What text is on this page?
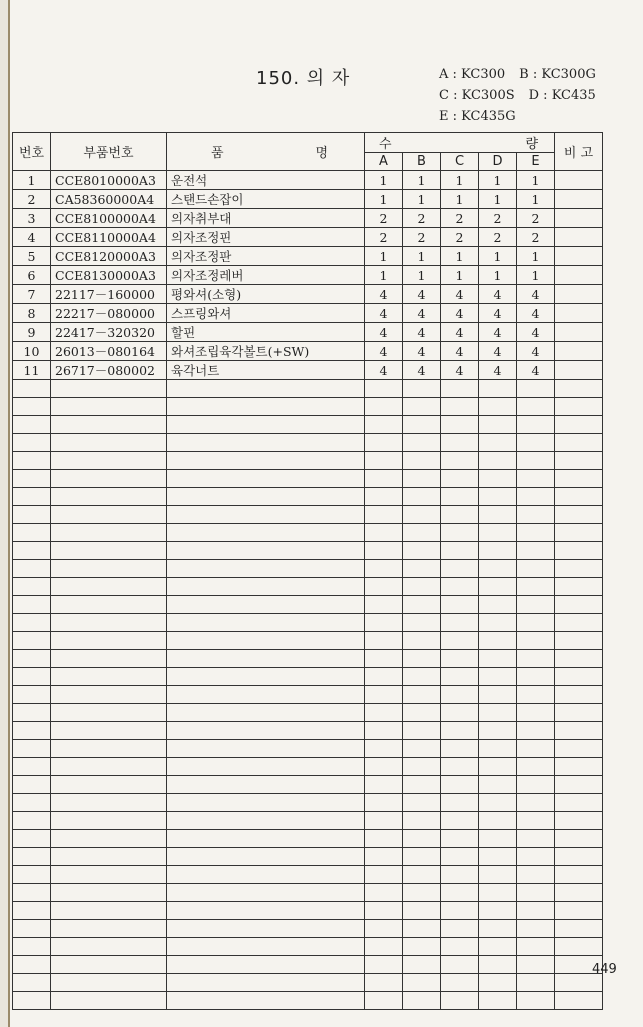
150. 의 자	A : KC300 B : KC300G
C : KC300S D : KC435
E : KC435G
번호	부품번호	품 명	수 량					비 고
			A	B	C	D	E	
1	CCE8010000A3	운전석	1	1	1	1	1	
2	CA58360000A4	스탠드손잡이	1	1	1	1	1	
3	CCE8100000A4	의자취부대	2	2	2	2	2	
4	CCE8110000A4	의자조정핀	2	2	2	2	2	
5	CCE8120000A3	의자조정판	1	1	1	1	1	
6	CCE8130000A3	의자조정레버	1	1	1	1	1	
7	22117－160000	평와셔(소형)	4	4	4	4	4	
8	22217－080000	스프링와셔	4	4	4	4	4	
9	22417－320320	할핀	4	4	4	4	4	
10	26013－080164	와셔조립육각볼트(+SW)	4	4	4	4	4	
11	26717－080002	육각너트	4	4	4	4	4	

449
